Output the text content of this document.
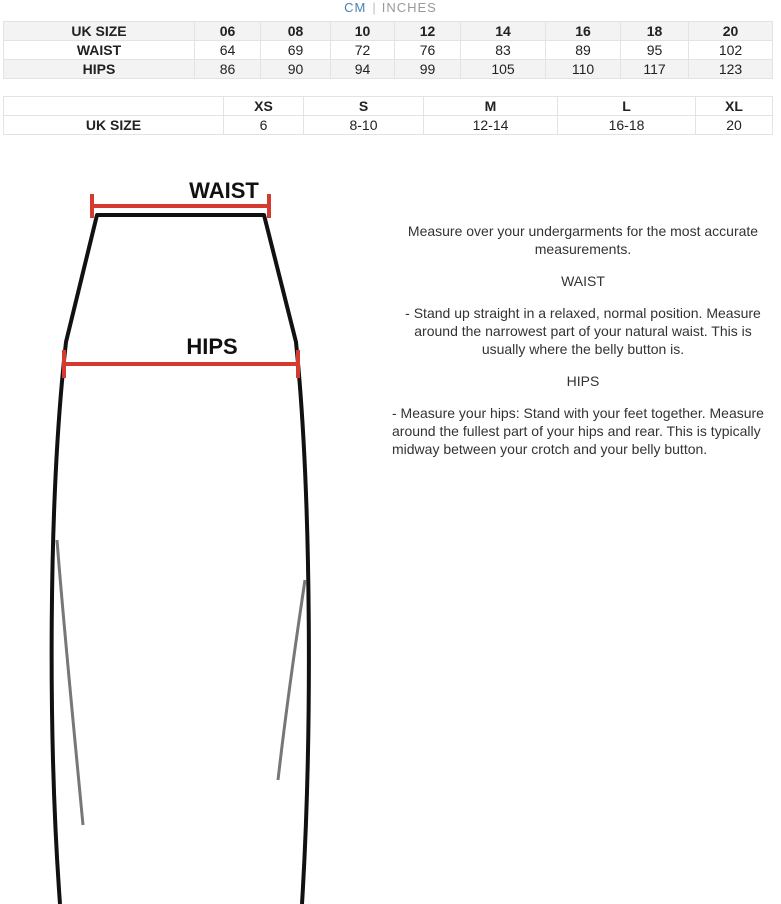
CM | INCHES
UK SIZE	06	08	10	12	14	16	18	20
WAIST	64	69	72	76	83	89	95	102
HIPS	86	90	94	99	105	110	117	123
	XS	S	M	L	XL
UK SIZE	6	8-10	12-14	16-18	20
WAIST
HIPS

Measure over your undergarments for the most accurate measurements.

WAIST

- Stand up straight in a relaxed, normal position. Measure around the narrowest part of your natural waist. This is usually where the belly button is.

HIPS

- Measure your hips: Stand with your feet together. Measure around the fullest part of your hips and rear. This is typically midway between your crotch and your belly button.
